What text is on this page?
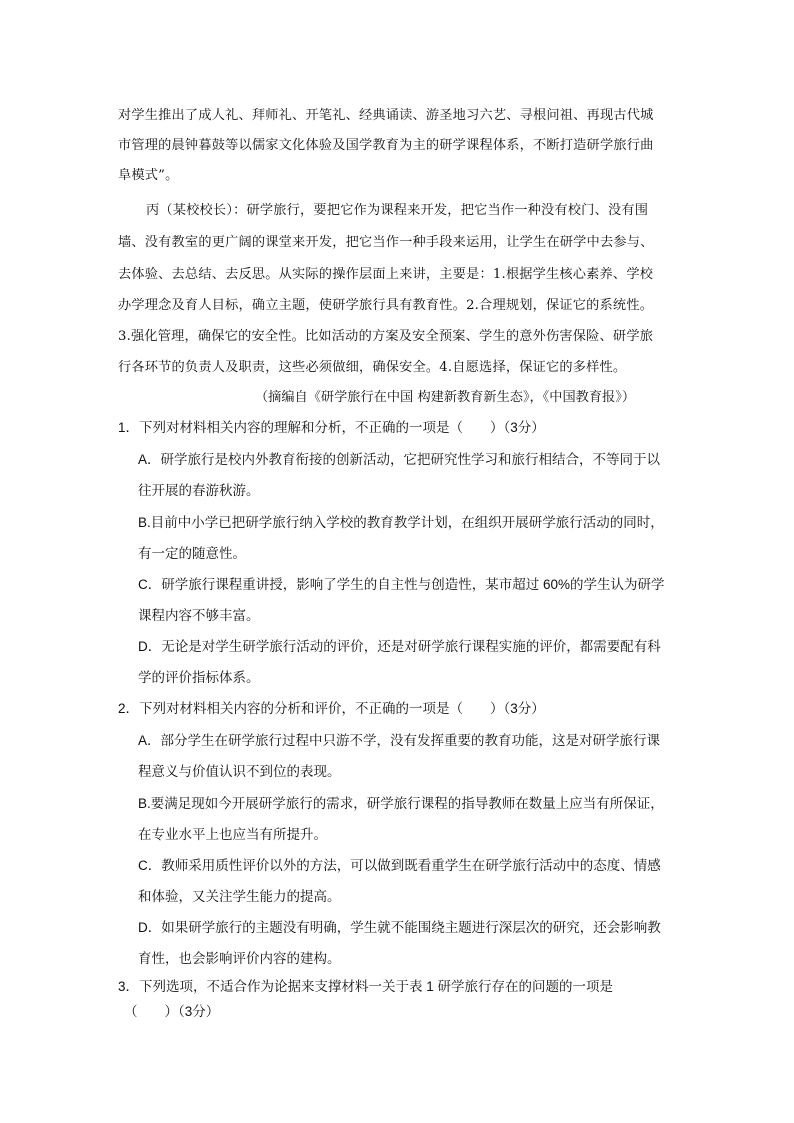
对学生推出了成人礼、拜师礼、开笔礼、经典诵读、游圣地习六艺、寻根问祖、再现古代城
市管理的晨钟暮鼓等以儒家文化体验及国学教育为主的研学课程体系，不断打造研学旅行曲
阜模式”。
丙（某校校长）：研学旅行，要把它作为课程来开发，把它当作一种没有校门、没有围
墙、没有教室的更广阔的课堂来开发，把它当作一种手段来运用，让学生在研学中去参与、
去体验、去总结、去反思。从实际的操作层面上来讲，主要是：1.根据学生核心素养、学校
办学理念及育人目标，确立主题，使研学旅行具有教育性。2.合理规划，保证它的系统性。
3.强化管理，确保它的安全性。比如活动的方案及安全预案、学生的意外伤害保险、研学旅
行各环节的负责人及职责，这些必须做细，确保安全。4.自愿选择，保证它的多样性。
（摘编自《研学旅行在中国 构建新教育新生态》，《中国教育报》）
1．下列对材料相关内容的理解和分析，不正确的一项是（　　）（3分）
A．研学旅行是校内外教育衔接的创新活动，它把研究性学习和旅行相结合，不等同于以
往开展的春游秋游。
B.目前中小学已把研学旅行纳入学校的教育教学计划，在组织开展研学旅行活动的同时，
有一定的随意性。
C．研学旅行课程重讲授，影响了学生的自主性与创造性，某市超过 60%的学生认为研学
课程内容不够丰富。
D．无论是对学生研学旅行活动的评价，还是对研学旅行课程实施的评价，都需要配有科
学的评价指标体系。
2．下列对材料相关内容的分析和评价，不正确的一项是（　　）（3分）
A．部分学生在研学旅行过程中只游不学，没有发挥重要的教育功能，这是对研学旅行课
程意义与价值认识不到位的表现。
B.要满足现如今开展研学旅行的需求，研学旅行课程的指导教师在数量上应当有所保证，
在专业水平上也应当有所提升。
C．教师采用质性评价以外的方法，可以做到既看重学生在研学旅行活动中的态度、情感
和体验，又关注学生能力的提高。
D．如果研学旅行的主题没有明确，学生就不能围绕主题进行深层次的研究，还会影响教
育性，也会影响评价内容的建构。
3．下列选项，不适合作为论据来支撑材料一关于表 1 研学旅行存在的问题的一项是
（　　）（3分）
